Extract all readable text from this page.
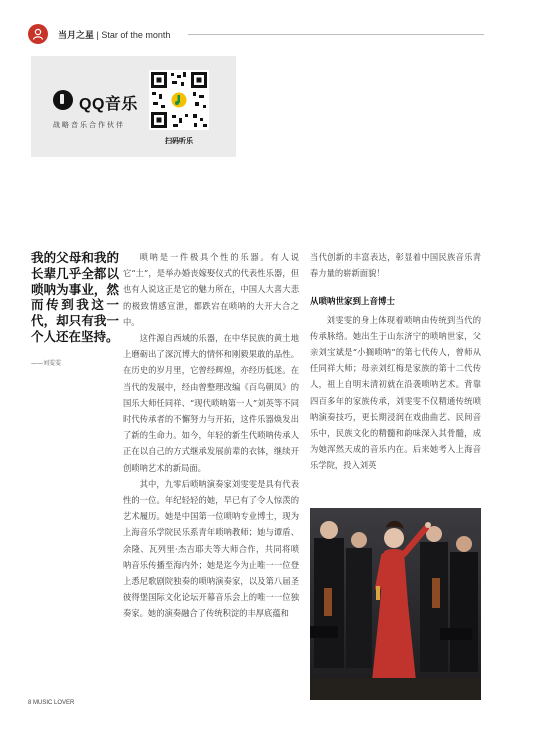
当月之星 | Star of the month
QQ音乐
战略音乐合作伙伴
扫码听乐
我的父母和我的长辈几乎全都以唢呐为事业，然而传到我这一代，却只有我一个人还在坚持。
——刘雯雯

唢呐是一件极具个性的乐器。有人说它“土”，是举办婚丧嫁娶仪式的代表性乐器，但也有人说这正是它的魅力所在，中国人大喜大悲的极致情感宣泄，都跌宕在唢呐的大开大合之中。

这件源自西域的乐器，在中华民族的黄土地上磨砺出了深沉博大的情怀和刚毅果敢的品性。在历史的岁月里，它曾经辉煌，亦经历低迷。在当代的发展中，经由曾整理改编《百鸟朝凤》的国乐大师任同祥、“现代唢呐第一人”刘英等不同时代传承者的不懈努力与开拓，这件乐器焕发出了新的生命力。如今，年轻的新生代唢呐传承人正在以自己的方式继承发展前辈的衣钵，继续开创唢呐艺术的新局面。

其中，九零后唢呐演奏家刘雯雯是具有代表性的一位。年纪轻轻的她，早已有了令人惊羡的艺术履历。她是中国第一位唢呐专业博士，现为上海音乐学院民乐系青年唢呐教师；她与谭盾、余隆、瓦列里·杰吉耶夫等大师合作，共同将唢呐音乐传播至海内外；她是迄今为止唯一一位登上悉尼歌剧院独奏的唢呐演奏家，以及第八届圣彼得堡国际文化论坛开幕音乐会上的唯一一位独奏家。她的演奏融合了传统积淀的丰厚底蕴和

当代创新的丰富表达，彰显着中国民族音乐青春力量的崭新面貌！

从唢呐世家到上音博士

刘雯雯的身上体现着唢呐由传统到当代的传承脉络。她出生于山东济宁的唢呐世家，父亲刘宝斌是“小搁唢呐”的第七代传人，曾师从任同祥大师；母亲刘红梅是家族的第十二代传人，祖上自明末清初就在沿袭唢呐艺术。背靠四百多年的家族传承，刘雯雯不仅精通传统唢呐演奏技巧，更长期浸润在戏曲曲艺、民间音乐中，民族文化的精髓和韵味深入其骨髓，成为她浑然天成的音乐内在。后来她考入上海音乐学院，投入刘英

8 MUSIC LOVER
